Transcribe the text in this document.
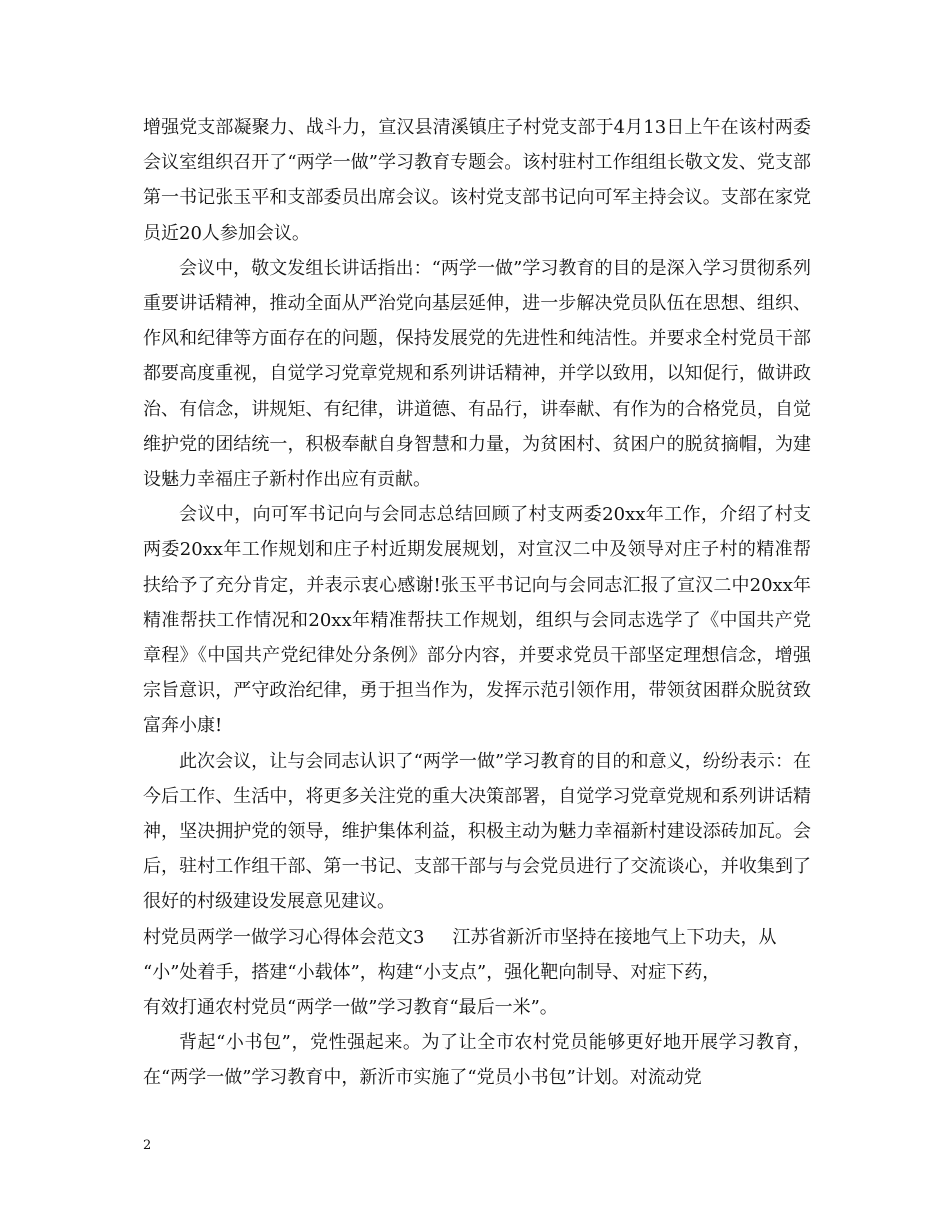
增强党支部凝聚力、战斗力，宣汉县清溪镇庄子村党支部于4月13日上午在该村两委会议室组织召开了“两学一做”学习教育专题会。该村驻村工作组组长敬文发、党支部第一书记张玉平和支部委员出席会议。该村党支部书记向可军主持会议。支部在家党员近20人参加会议。

会议中，敬文发组长讲话指出：“两学一做”学习教育的目的是深入学习贯彻系列重要讲话精神，推动全面从严治党向基层延伸，进一步解决党员队伍在思想、组织、作风和纪律等方面存在的问题，保持发展党的先进性和纯洁性。并要求全村党员干部都要高度重视，自觉学习党章党规和系列讲话精神，并学以致用，以知促行，做讲政治、有信念，讲规矩、有纪律，讲道德、有品行，讲奉献、有作为的合格党员，自觉维护党的团结统一，积极奉献自身智慧和力量，为贫困村、贫困户的脱贫摘帽，为建设魅力幸福庄子新村作出应有贡献。

会议中，向可军书记向与会同志总结回顾了村支两委20xx年工作，介绍了村支两委20xx年工作规划和庄子村近期发展规划，对宣汉二中及领导对庄子村的精准帮扶给予了充分肯定，并表示衷心感谢!张玉平书记向与会同志汇报了宣汉二中20xx年精准帮扶工作情况和20xx年精准帮扶工作规划，组织与会同志选学了《中国共产党章程》《中国共产党纪律处分条例》部分内容，并要求党员干部坚定理想信念，增强宗旨意识，严守政治纪律，勇于担当作为，发挥示范引领作用，带领贫困群众脱贫致富奔小康!

此次会议，让与会同志认识了“两学一做”学习教育的目的和意义，纷纷表示：在今后工作、生活中，将更多关注党的重大决策部署，自觉学习党章党规和系列讲话精神，坚决拥护党的领导，维护集体利益，积极主动为魅力幸福新村建设添砖加瓦。会后，驻村工作组干部、第一书记、支部干部与与会党员进行了交流谈心，并收集到了很好的村级建设发展意见建议。

村党员两学一做学习心得体会范文3 江苏省新沂市坚持在接地气上下功夫，从

“小”处着手，搭建“小载体”，构建“小支点”，强化靶向制导、对症下药，

有效打通农村党员“两学一做”学习教育“最后一米”。

背起“小书包”，党性强起来。为了让全市农村党员能够更好地开展学习教育，在“两学一做”学习教育中，新沂市实施了“党员小书包”计划。对流动党

2
